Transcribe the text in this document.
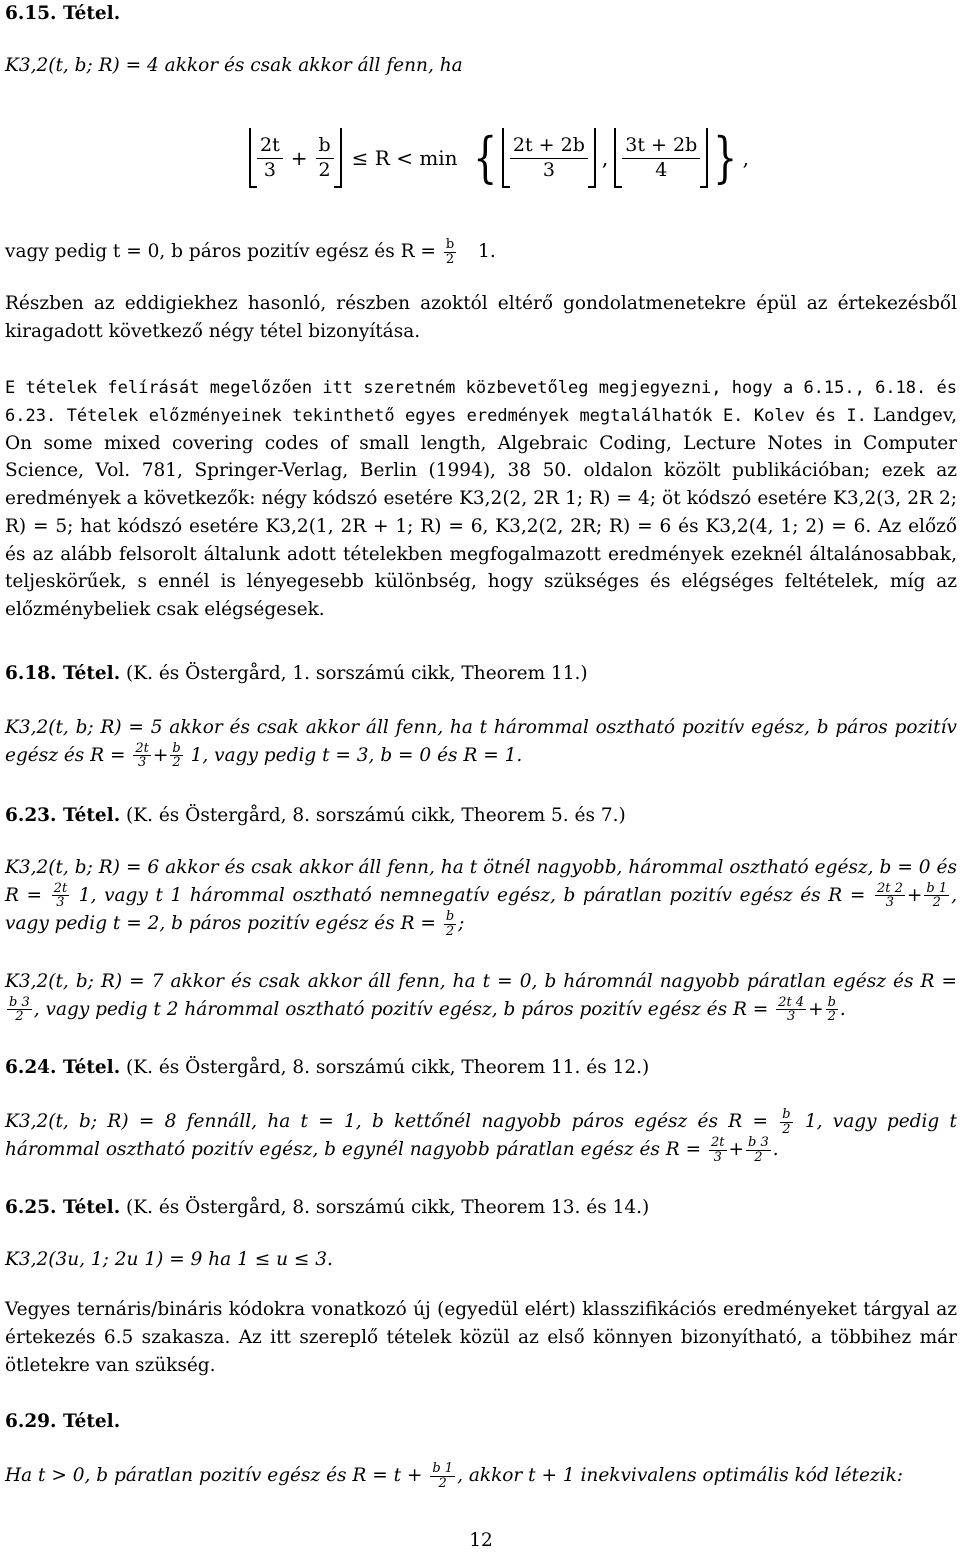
6.15. Tétel.
K3,2(t, b; R) = 4 akkor és csak akkor áll fenn, ha
2t
$3 + \frac{b}{2} \le R < \min$ { 2t + 2b
3 ,
3t + 2b
4 } ,
vagy pedig t = 0, b páros pozitív egész és $R = \frac{b}{2} 1$.
Részben az eddigiekhez hasonló, részben azoktól eltérő gondolatmenetekre épül az értekezésből kiragadott következő négy tétel bizonyítása.

E tételek felírását megelőzően itt szeretném közbevetőleg megjegyezni, hogy a 6.15., 6.18. és 6.23. Tételek előzményeinek tekinthető egyes eredmények megtalálhatók E. Kolev és I. Landgev, On some mixed covering codes of small length, Algebraic Coding, Lecture Notes in Computer Science, Vol. 781, Springer-Verlag, Berlin (1994), 38 50. oldalon közölt publikációban; ezek az eredmények a következők: négy kódszó esetére K3,2(2, 2R 1; R) = 4; öt kódszó esetére K3,2(3, 2R 2; R) = 5; hat kódszó esetére K3,2(1, 2R + 1; R) = 6, K3,2(2, 2R; R) = 6 és K3,2(4, 1; 2) = 6. Az előző és az alább felsorolt általunk adott tételekben megfogalmazott eredmények ezeknél általánosabbak, teljeskörűek, s ennél is lényegesebb különbség, hogy szükséges és elégséges feltételek, míg az előzménybeliek csak elégségesek.

6.18. Tétel. (K. és Östergård, 1. sorszámú cikk, Theorem 11.)
K3,2(t, b; R) = 5 akkor és csak akkor áll fenn, ha t hárommal osztható pozitív egész, b páros pozitív egész és $R = \frac{2t}{3} + \frac{b}{2} 1$, vagy pedig t = 3, b = 0 és R = 1.
6.23. Tétel. (K. és Östergård, 8. sorszámú cikk, Theorem 5. és 7.)
K3,2(t, b; R) = 6 akkor és csak akkor áll fenn, ha t ötnél nagyobb, hárommal osztható egész, b = 0 és $R = \frac{2t}{3} 1$, vagy t 1 hárommal osztható nemnegatív egész, b páratlan pozitív egész és $R = \frac{2t 2}{3} + \frac{b 1}{2}$ , vagy pedig t = 2, b páros pozitív egész és $R = \frac{b}{2}$ ;
K3,2(t, b; R) = 7 akkor és csak akkor áll fenn, ha t = 0, b háromnál nagyobb páratlan egész és R =
$\frac{b 3}{2}$ , vagy pedig t 2 hárommal osztható pozitív egész, b páros pozitív egész és $R = \frac{2t 4}{3} + \frac{b}{2}$ .
6.24. Tétel. (K. és Östergård, 8. sorszámú cikk, Theorem 11. és 12.)
K3,2(t, b; R) = 8 fennáll, ha t = 1, b kettőnél nagyobb páros egész és $R = \frac{b}{2} 1$, vagy pedig t hárommal osztható pozitív egész, b egynél nagyobb páratlan egész és $R = \frac{2t}{3} + \frac{b 3}{2}$ .
6.25. Tétel. (K. és Östergård, 8. sorszámú cikk, Theorem 13. és 14.)
K3,2(3u, 1; 2u 1) = 9 ha 1 ≤ u ≤ 3.
Vegyes ternáris/bináris kódokra vonatkozó új (egyedül elért) klasszifikációs eredményeket tárgyal az értekezés 6.5 szakasza. Az itt szereplő tételek közül az első könnyen bizonyítható, a többihez már ötletekre van szükség.
6.29. Tétel.
Ha t > 0, b páratlan pozitív egész és $R = t + \frac{b 1}{2}$ , akkor t + 1 inekvivalens optimális kód létezik:
12
